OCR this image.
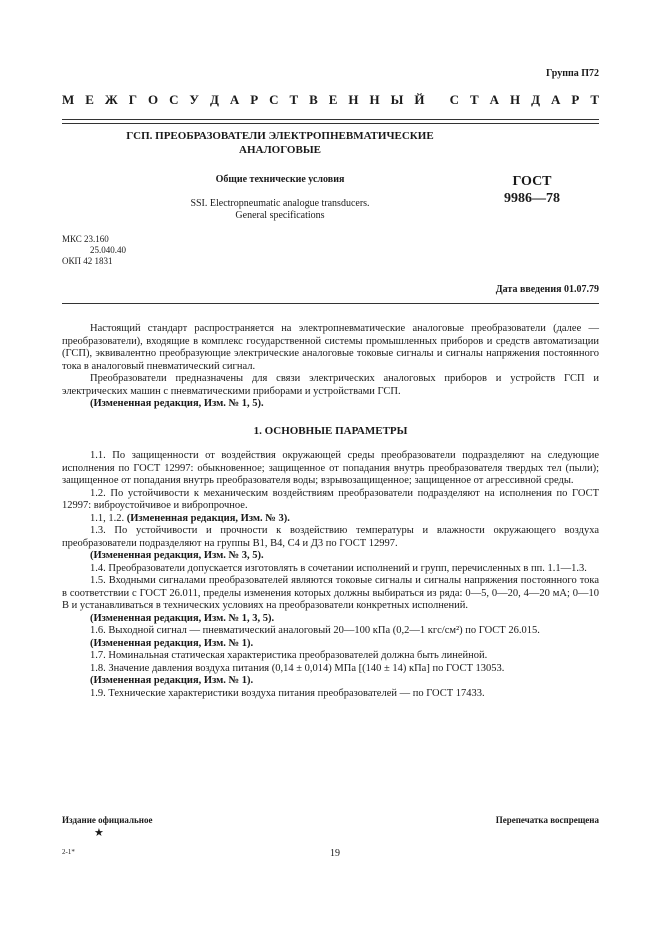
Группа П72
М Е Ж Г О С У Д А Р С Т В Е Н Н Ы Й
С Т А Н Д А Р Т
ГСП. ПРЕОБРАЗОВАТЕЛИ ЭЛЕКТРОПНЕВМАТИЧЕСКИЕ АНАЛОГОВЫЕ
Общие технические условия
SSI. Electropneumatic analogue transducers.
General specifications
ГОСТ
9986—78
МКС 23.160
25.040.40
ОКП 42 1831
Дата введения 01.07.79

Настоящий стандарт распространяется на электропневматические аналоговые преобразователи (далее — преобразователи), входящие в комплекс государственной системы промышленных приборов и средств автоматизации (ГСП), эквивалентно преобразующие электрические аналоговые токовые сигналы и сигналы напряжения постоянного тока в аналоговый пневматический сигнал.

Преобразователи предназначены для связи электрических аналоговых приборов и устройств ГСП и электрических машин с пневматическими приборами и устройствами ГСП.

(Измененная редакция, Изм. № 1, 5).

1. ОСНОВНЫЕ ПАРАМЕТРЫ

1.1. По защищенности от воздействия окружающей среды преобразователи подразделяют на следующие исполнения по ГОСТ 12997: обыкновенное; защищенное от попадания внутрь преобразователя твердых тел (пыли); защищенное от попадания внутрь преобразователя воды; взрывозащищенное; защищенное от агрессивной среды.

1.2. По устойчивости к механическим воздействиям преобразователи подразделяют на исполнения по ГОСТ 12997: виброустойчивое и вибропрочное.

1.1, 1.2. (Измененная редакция, Изм. № 3).

1.3. По устойчивости и прочности к воздействию температуры и влажности окружающего воздуха преобразователи подразделяют на группы В1, В4, С4 и Д3 по ГОСТ 12997.

(Измененная редакция, Изм. № 3, 5).

1.4. Преобразователи допускается изготовлять в сочетании исполнений и групп, перечисленных в пп. 1.1—1.3.

1.5. Входными сигналами преобразователей являются токовые сигналы и сигналы напряжения постоянного тока в соответствии с ГОСТ 26.011, пределы изменения которых должны выбираться из ряда: 0—5, 0—20, 4—20 мА; 0—10 В и устанавливаться в технических условиях на преобразователи конкретных исполнений.

(Измененная редакция, Изм. № 1, 3, 5).

1.6. Выходной сигнал — пневматический аналоговый 20—100 кПа (0,2—1 кгс/см²) по ГОСТ 26.015.

(Измененная редакция, Изм. № 1).

1.7. Номинальная статическая характеристика преобразователей должна быть линейной.

1.8. Значение давления воздуха питания (0,14 ± 0,014) МПа [(140 ± 14) кПа] по ГОСТ 13053.

(Измененная редакция, Изм. № 1).

1.9. Технические характеристики воздуха питания преобразователей — по ГОСТ 17433.

Издание официальное	Перепечатка воспрещена
★
2-1*	19
